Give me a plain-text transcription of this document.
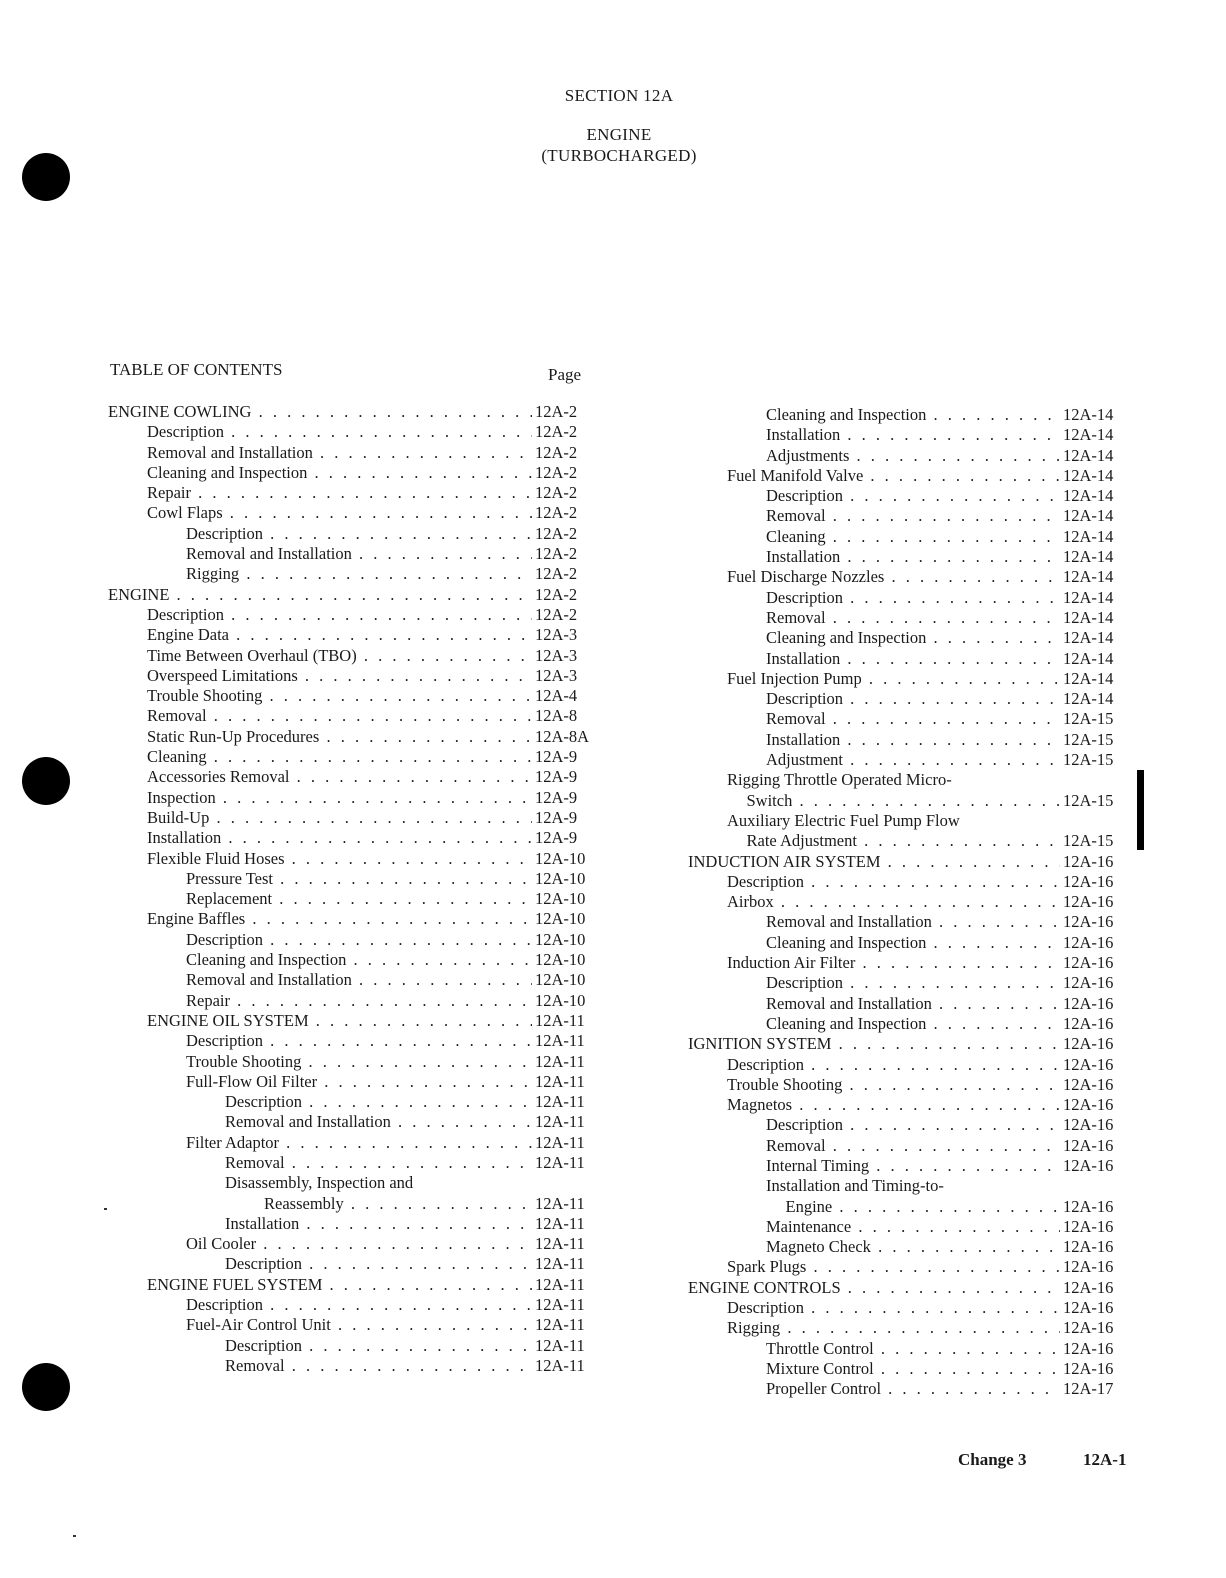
SECTION 12A
ENGINE
(TURBOCHARGED)
TABLE OF CONTENTS	Page
ENGINE COWLING . . .	12A-2
Description . . .	12A-2
Removal and Installation . . .	12A-2
Cleaning and Inspection . . .	12A-2
Repair . . .	12A-2
Cowl Flaps . . .	12A-2
Description . . .	12A-2
Removal and Installation . . .	12A-2
Rigging . . .	12A-2
ENGINE . . .	12A-2
Description . . .	12A-2
Engine Data . . .	12A-3
Time Between Overhaul (TBO) . . .	12A-3
Overspeed Limitations . . .	12A-3
Trouble Shooting . . .	12A-4
Removal . . .	12A-8
Static Run-Up Procedures . . .	12A-8A
Cleaning . . .	12A-9
Accessories Removal . . .	12A-9
Inspection . . .	12A-9
Build-Up . . .	12A-9
Installation . . .	12A-9
Flexible Fluid Hoses . . .	12A-10
Pressure Test . . .	12A-10
Replacement . . .	12A-10
Engine Baffles . . .	12A-10
Description . . .	12A-10
Cleaning and Inspection . . .	12A-10
Removal and Installation . . .	12A-10
Repair . . .	12A-10
ENGINE OIL SYSTEM . . .	12A-11
Description . . .	12A-11
Trouble Shooting . . .	12A-11
Full-Flow Oil Filter . . .	12A-11
Description . . .	12A-11
Removal and Installation . . .	12A-11
Filter Adaptor . . .	12A-11
Removal . . .	12A-11
Disassembly, Inspection and
Reassembly . . .	12A-11
Installation . . .	12A-11
Oil Cooler . . .	12A-11
Description . . .	12A-11
ENGINE FUEL SYSTEM . . .	12A-11
Description . . .	12A-11
Fuel-Air Control Unit . . .	12A-11
Description . . .	12A-11
Removal . . .	12A-11
Cleaning and Inspection . . .	12A-14
Installation . . .	12A-14
Adjustments . . .	12A-14
Fuel Manifold Valve . . .	12A-14
Description . . .	12A-14
Removal . . .	12A-14
Cleaning . . .	12A-14
Installation . . .	12A-14
Fuel Discharge Nozzles . . .	12A-14
Description . . .	12A-14
Removal . . .	12A-14
Cleaning and Inspection . . .	12A-14
Installation . . .	12A-14
Fuel Injection Pump . . .	12A-14
Description . . .	12A-14
Removal . . .	12A-15
Installation . . .	12A-15
Adjustment . . .	12A-15
Rigging Throttle Operated Micro-
Switch . . .	12A-15
Auxiliary Electric Fuel Pump Flow
Rate Adjustment . . .	12A-15
INDUCTION AIR SYSTEM . . .	12A-16
Description . . .	12A-16
Airbox . . .	12A-16
Removal and Installation . . .	12A-16
Cleaning and Inspection . . .	12A-16
Induction Air Filter . . .	12A-16
Description . . .	12A-16
Removal and Installation . . .	12A-16
Cleaning and Inspection . . .	12A-16
IGNITION SYSTEM . . .	12A-16
Description . . .	12A-16
Trouble Shooting . . .	12A-16
Magnetos . . .	12A-16
Description . . .	12A-16
Removal . . .	12A-16
Internal Timing . . .	12A-16
Installation and Timing-to-
Engine . . .	12A-16
Maintenance . . .	12A-16
Magneto Check . . .	12A-16
Spark Plugs . . .	12A-16
ENGINE CONTROLS . . .	12A-16
Description . . .	12A-16
Rigging . . .	12A-16
Throttle Control . . .	12A-16
Mixture Control . . .	12A-16
Propeller Control . . .	12A-17
Change 3	12A-1
